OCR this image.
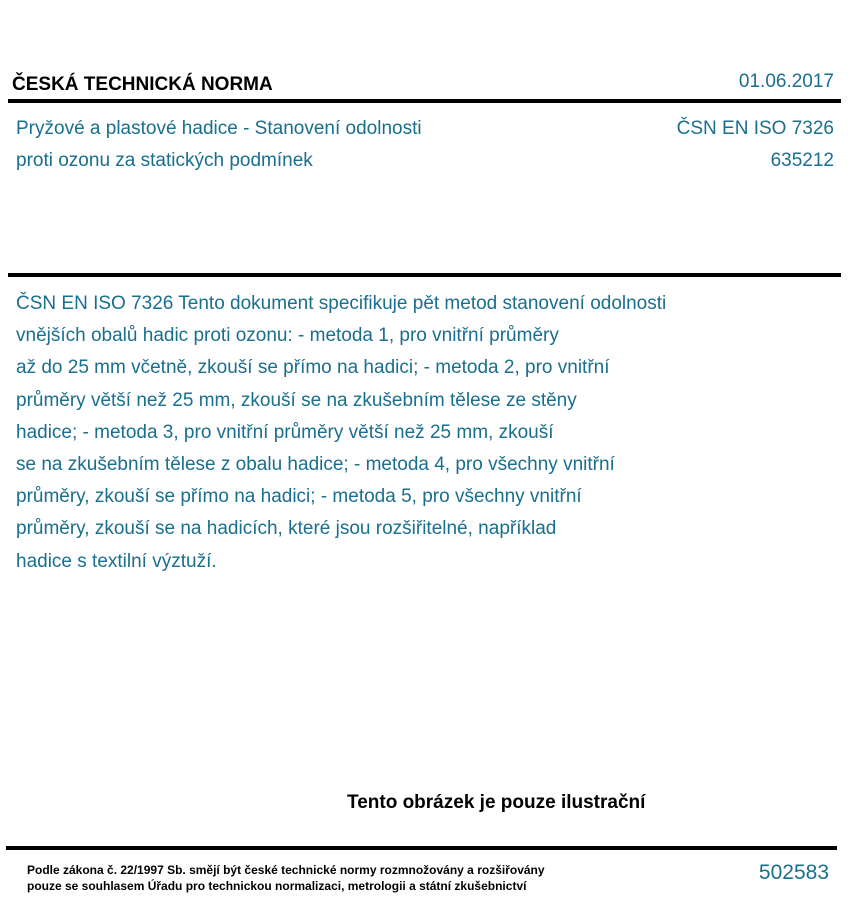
ČESKÁ TECHNICKÁ NORMA	01.06.2017
Pryžové a plastové hadice - Stanovení odolnosti
proti ozonu za statických podmínek
ČSN EN ISO 7326
635212
ČSN EN ISO 7326 Tento dokument specifikuje pět metod stanovení odolnosti
vnějších obalů hadic proti ozonu: - metoda 1, pro vnitřní průměry
až do 25 mm včetně, zkouší se přímo na hadici; - metoda 2, pro vnitřní
průměry větší než 25 mm, zkouší se na zkušebním tělese ze stěny
hadice; - metoda 3, pro vnitřní průměry větší než 25 mm, zkouší
se na zkušebním tělese z obalu hadice; - metoda 4, pro všechny vnitřní
průměry, zkouší se přímo na hadici; - metoda 5, pro všechny vnitřní
průměry, zkouší se na hadicích, které jsou rozšiřitelné, například
hadice s textilní výztuží.
Tento obrázek je pouze ilustrační
Podle zákona č. 22/1997 Sb. smějí být české technické normy rozmnožovány a rozšiřovány
pouze se souhlasem Úřadu pro technickou normalizaci, metrologii a státní zkušebnictví
502583
